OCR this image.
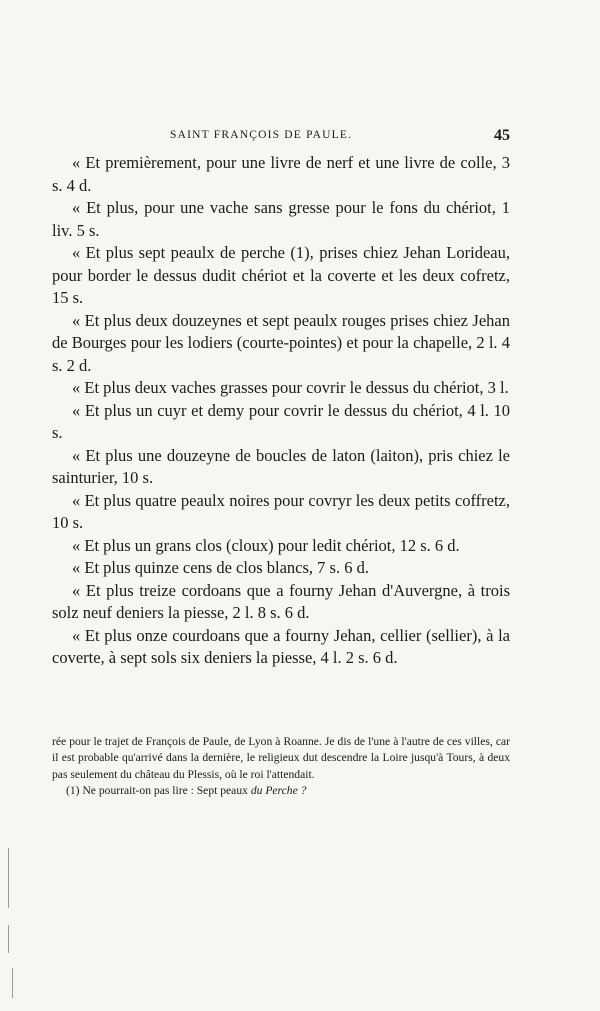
SAINT FRANÇOIS DE PAULE.	45

« Et premièrement, pour une livre de nerf et une livre de colle, 3 s. 4 d.

« Et plus, pour une vache sans gresse pour le fons du chériot, 1 liv. 5 s.

« Et plus sept peaulx de perche (1), prises chiez Jehan Lorideau, pour border le dessus dudit chériot et la coverte et les deux cofretz, 15 s.

« Et plus deux douzeynes et sept peaulx rouges prises chiez Jehan de Bourges pour les lodiers (courte-pointes) et pour la chapelle, 2 l. 4 s. 2 d.

« Et plus deux vaches grasses pour covrir le dessus du chériot, 3 l.

« Et plus un cuyr et demy pour covrir le dessus du chériot, 4 l. 10 s.

« Et plus une douzeyne de boucles de laton (laiton), pris chiez le sainturier, 10 s.

« Et plus quatre peaulx noires pour covryr les deux petits coffretz, 10 s.

« Et plus un grans clos (cloux) pour ledit chériot, 12 s. 6 d.

« Et plus quinze cens de clos blancs, 7 s. 6 d.

« Et plus treize cordoans que a fourny Jehan d'Auvergne, à trois solz neuf deniers la piesse, 2 l. 8 s. 6 d.

« Et plus onze courdoans que a fourny Jehan, cellier (sellier), à la coverte, à sept sols six deniers la piesse, 4 l. 2 s. 6 d.

rée pour le trajet de François de Paule, de Lyon à Roanne. Je dis de l'une à l'autre de ces villes, car il est probable qu'arrivé dans la dernière, le religieux dut descendre la Loire jusqu'à Tours, à deux pas seulement du château du Plessis, où le roi l'attendait.

(1) Ne pourrait-on pas lire : Sept peaux du Perche ?
